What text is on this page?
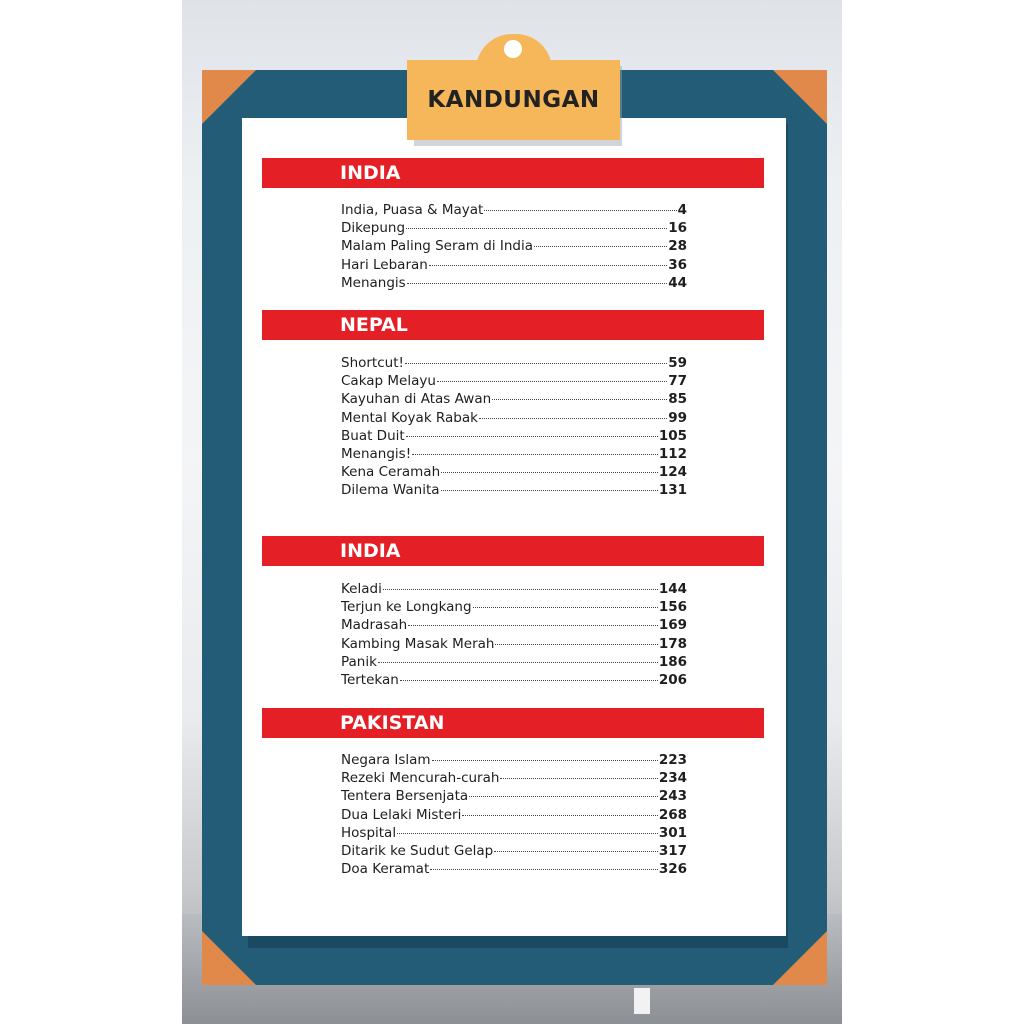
KANDUNGAN
INDIA
India, Puasa & Mayat	4
Dikepung	16
Malam Paling Seram di India	28
Hari Lebaran	36
Menangis	44
NEPAL
Shortcut!	59
Cakap Melayu	77
Kayuhan di Atas Awan	85
Mental Koyak Rabak	99
Buat Duit	105
Menangis!	112
Kena Ceramah	124
Dilema Wanita	131
INDIA
Keladi	144
Terjun ke Longkang	156
Madrasah	169
Kambing Masak Merah	178
Panik	186
Tertekan	206
PAKISTAN
Negara Islam	223
Rezeki Mencurah-curah	234
Tentera Bersenjata	243
Dua Lelaki Misteri	268
Hospital	301
Ditarik ke Sudut Gelap	317
Doa Keramat	326
